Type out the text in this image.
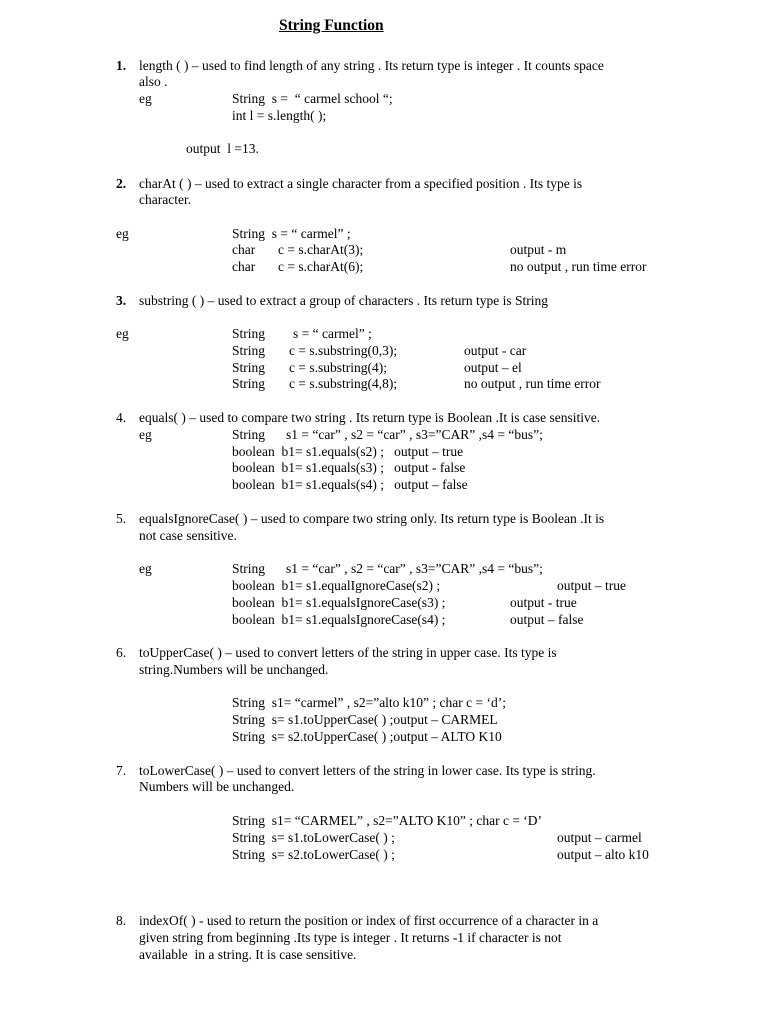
String Function
1. length ( ) – used to find length of any string . Its return type is integer . It counts space
also .
eg	String  s =  “ carmel school “;
int l = s.length( );
output  l =13.
2. charAt ( ) – used to extract a single character from a specified position . Its type is
character.
eg	String  s = “ carmel” ;
char c = s.charAt(3);	output - m
char c = s.charAt(6);	no output , run time error
3. substring ( ) – used to extract a group of characters . Its return type is String
eg	String s = “ carmel” ;
String c = s.substring(0,3);	output - car
String c = s.substring(4);	output – el
String c = s.substring(4,8);	no output , run time error
4. equals( ) – used to compare two string . Its return type is Boolean .It is case sensitive.
eg	String s1 = “car” , s2 = “car” , s3=”CAR” ,s4 = “bus”;
boolean  b1= s1.equals(s2) ;   output – true
boolean  b1= s1.equals(s3) ;   output - false
boolean  b1= s1.equals(s4) ;   output – false
5. equalsIgnoreCase( ) – used to compare two string only. Its return type is Boolean .It is
not case sensitive.
eg	String s1 = “car” , s2 = “car” , s3=”CAR” ,s4 = “bus”;
boolean  b1= s1.equalIgnoreCase(s2) ;	output – true
boolean  b1= s1.equalsIgnoreCase(s3) ;	output - true
boolean  b1= s1.equalsIgnoreCase(s4) ;	output – false
6. toUpperCase( ) – used to convert letters of the string in upper case. Its type is
string.Numbers will be unchanged.
String  s1= “carmel” , s2=”alto k10” ; char c = ‘d’;
String  s= s1.toUpperCase( ) ;output – CARMEL
String  s= s2.toUpperCase( ) ;output – ALTO K10
7. toLowerCase( ) – used to convert letters of the string in lower case. Its type is string.
Numbers will be unchanged.
String  s1= “CARMEL” , s2=”ALTO K10” ; char c = ‘D’
String  s= s1.toLowerCase( ) ;	output – carmel
String  s= s2.toLowerCase( ) ;	output – alto k10
8. indexOf( ) - used to return the position or index of first occurrence of a character in a
given string from beginning .Its type is integer . It returns -1 if character is not
available  in a string. It is case sensitive.
